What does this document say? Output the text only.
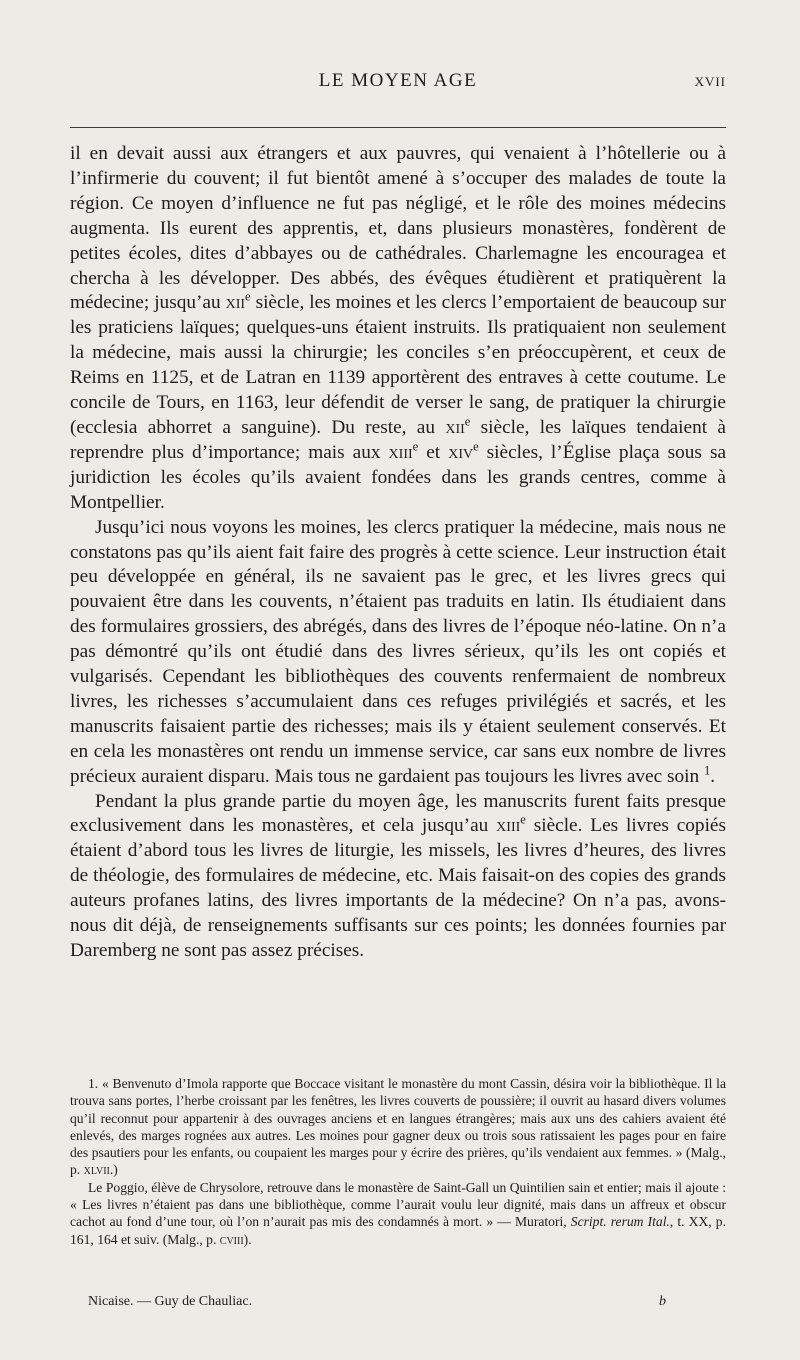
LE MOYEN AGE	XVII

il en devait aussi aux étrangers et aux pauvres, qui venaient à l’hôtellerie ou à l’infirmerie du couvent; il fut bientôt amené à s’occuper des malades de toute la région. Ce moyen d’influence ne fut pas négligé, et le rôle des moines médecins augmenta. Ils eurent des apprentis, et, dans plusieurs monastères, fondèrent de petites écoles, dites d’abbayes ou de cathédrales. Charlemagne les encouragea et chercha à les développer. Des abbés, des évêques étudièrent et pratiquèrent la médecine; jusqu’au xii$^e$ siècle, les moines et les clercs l’emportaient de beaucoup sur les praticiens laïques; quelques-uns étaient instruits. Ils pratiquaient non seulement la médecine, mais aussi la chirurgie; les conciles s’en préoccupèrent, et ceux de Reims en 1125, et de Latran en 1139 apportèrent des entraves à cette coutume. Le concile de Tours, en 1163, leur défendit de verser le sang, de pratiquer la chirurgie (ecclesia abhorret a sanguine). Du reste, au xii$^e$ siècle, les laïques tendaient à reprendre plus d’importance; mais aux xiii$^e$ et xiv$^e$ siècles, l’Église plaça sous sa juridiction les écoles qu’ils avaient fondées dans les grands centres, comme à Montpellier.

Jusqu’ici nous voyons les moines, les clercs pratiquer la médecine, mais nous ne constatons pas qu’ils aient fait faire des progrès à cette science. Leur instruction était peu développée en général, ils ne savaient pas le grec, et les livres grecs qui pouvaient être dans les couvents, n’étaient pas traduits en latin. Ils étudiaient dans des formulaires grossiers, des abrégés, dans des livres de l’époque néo-latine. On n’a pas démontré qu’ils ont étudié dans des livres sérieux, qu’ils les ont copiés et vulgarisés. Cependant les bibliothèques des couvents renfermaient de nombreux livres, les richesses s’accumulaient dans ces refuges privilégiés et sacrés, et les manuscrits faisaient partie des richesses; mais ils y étaient seulement conservés. Et en cela les monastères ont rendu un immense service, car sans eux nombre de livres précieux auraient disparu. Mais tous ne gardaient pas toujours les livres avec soin $^1$.

Pendant la plus grande partie du moyen âge, les manuscrits furent faits presque exclusivement dans les monastères, et cela jusqu’au xiii$^e$ siècle. Les livres copiés étaient d’abord tous les livres de liturgie, les missels, les livres d’heures, des livres de théologie, des formulaires de médecine, etc. Mais faisait-on des copies des grands auteurs profanes latins, des livres importants de la médecine? On n’a pas, avons-nous dit déjà, de renseignements suffisants sur ces points; les données fournies par Daremberg ne sont pas assez précises.

1. « Benvenuto d’Imola rapporte que Boccace visitant le monastère du mont Cassin, désira voir la bibliothèque. Il la trouva sans portes, l’herbe croissant par les fenêtres, les livres couverts de poussière; il ouvrit au hasard divers volumes qu’il reconnut pour appartenir à des ouvrages anciens et en langues étrangères; mais aux uns des cahiers avaient été enlevés, des marges rognées aux autres. Les moines pour gagner deux ou trois sous ratissaient les pages pour en faire des psautiers pour les enfants, ou coupaient les marges pour y écrire des prières, qu’ils vendaient aux femmes. » (Malg., p. xlvii.)

Le Poggio, élève de Chrysolore, retrouve dans le monastère de Saint-Gall un Quintilien sain et entier; mais il ajoute : « Les livres n’étaient pas dans une bibliothèque, comme l’aurait voulu leur dignité, mais dans un affreux et obscur cachot au fond d’une tour, où l’on n’aurait pas mis des condamnés à mort. » — Muratori, Script. rerum Ital., t. XX, p. 161, 164 et suiv. (Malg., p. cviii).

Nicaise. — Guy de Chauliac.	b
